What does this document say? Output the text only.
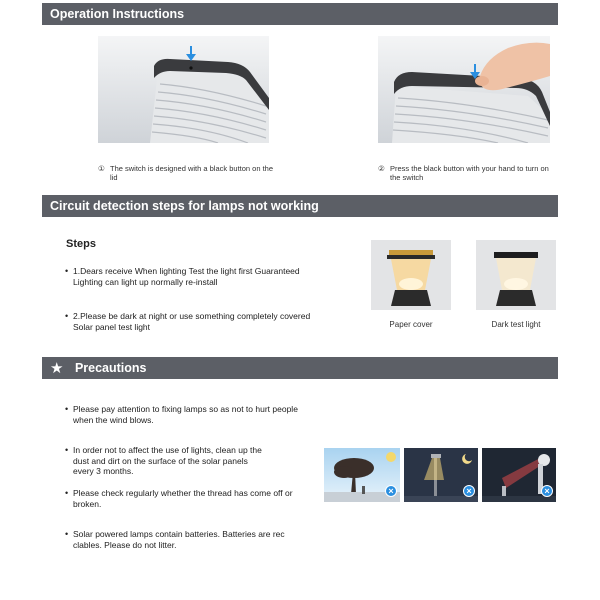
Operation Instructions
① The switch is designed with a black button on the lid
② Press the black button with your hand to turn on the switch
Circuit detection steps for lamps not working
Steps
• 1.Dears receive When lighting Test the light first Guaranteed Lighting can light up normally re-install
• 2.Please be dark at night or use something completely covered Solar panel test light	Paper cover	Dark test light
★ Precautions
• Please pay attention to fixing lamps so as not to hurt people when the wind blows.
• In order not to affect the use of lights, clean up the dust and dirt on the surface of the solar panels every 3 months.
• Please check regularly whether the thread has come off or broken.
• Solar powered lamps contain batteries. Batteries are rec clables. Please do not litter.
×	×	×
